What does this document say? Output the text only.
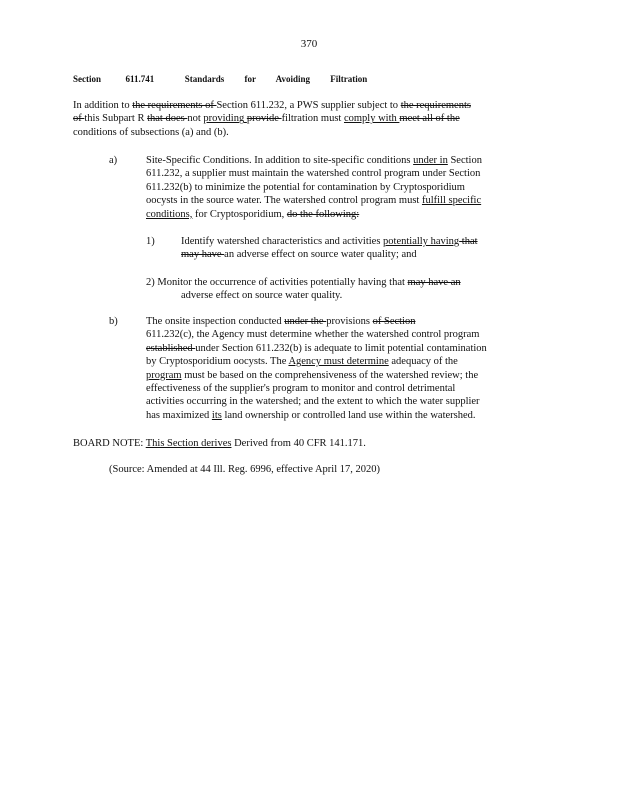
370
Section	611.741	Standards for Avoiding Filtration
In addition to the requirements of Section 611.232, a PWS supplier subject to the requirements
of this Subpart R that does not providing provide filtration must comply with meet all of the
conditions of subsections (a) and (b).
a)	Site-Specific Conditions. In addition to site-specific conditions under in Section
611.232, a supplier must maintain the watershed control program under Section
611.232(b) to minimize the potential for contamination by Cryptosporidium
oocysts in the source water. The watershed control program must fulfill specific
conditions, for Cryptosporidium, do the following:
1)	Identify watershed characteristics and activities potentially having that
may have an adverse effect on source water quality; and
2) Monitor the occurrence of activities potentially having that may have an
adverse effect on source water quality.
b)	The onsite inspection conducted under the provisions of Section
611.232(c), the Agency must determine whether the watershed control program
established under Section 611.232(b) is adequate to limit potential contamination
by Cryptosporidium oocysts. The Agency must determine adequacy of the
program must be based on the comprehensiveness of the watershed review; the
effectiveness of the supplier's program to monitor and control detrimental
activities occurring in the watershed; and the extent to which the water supplier
has maximized its land ownership or controlled land use within the watershed.
BOARD NOTE: This Section derives Derived from 40 CFR 141.171.
(Source: Amended at 44 Ill. Reg. 6996, effective April 17, 2020)
